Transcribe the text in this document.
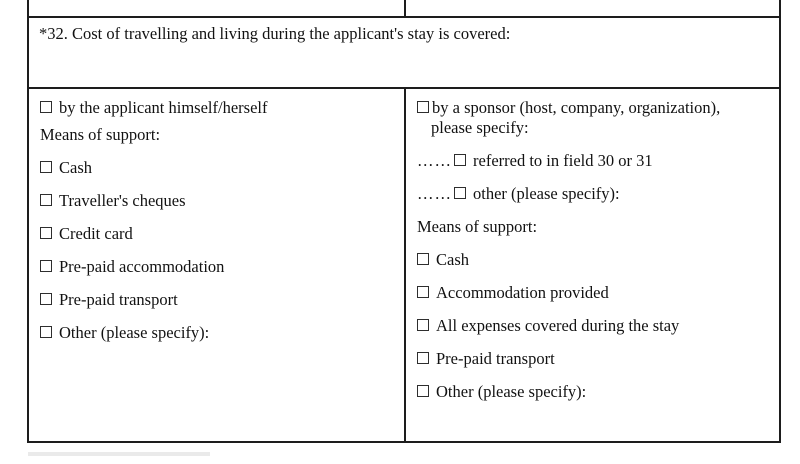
*32. Cost of travelling and living during the applicant's stay is covered:
by the applicant himself/herself
Means of support:
Cash
Traveller's cheques
Credit card
Pre-paid accommodation
Pre-paid transport
Other (please specify):
by a sponsor (host, company, organization),
please specify:
…… referred to in field 30 or 31
…… other (please specify):
Means of support:
Cash
Accommodation provided
All expenses covered during the stay
Pre-paid transport
Other (please specify):
